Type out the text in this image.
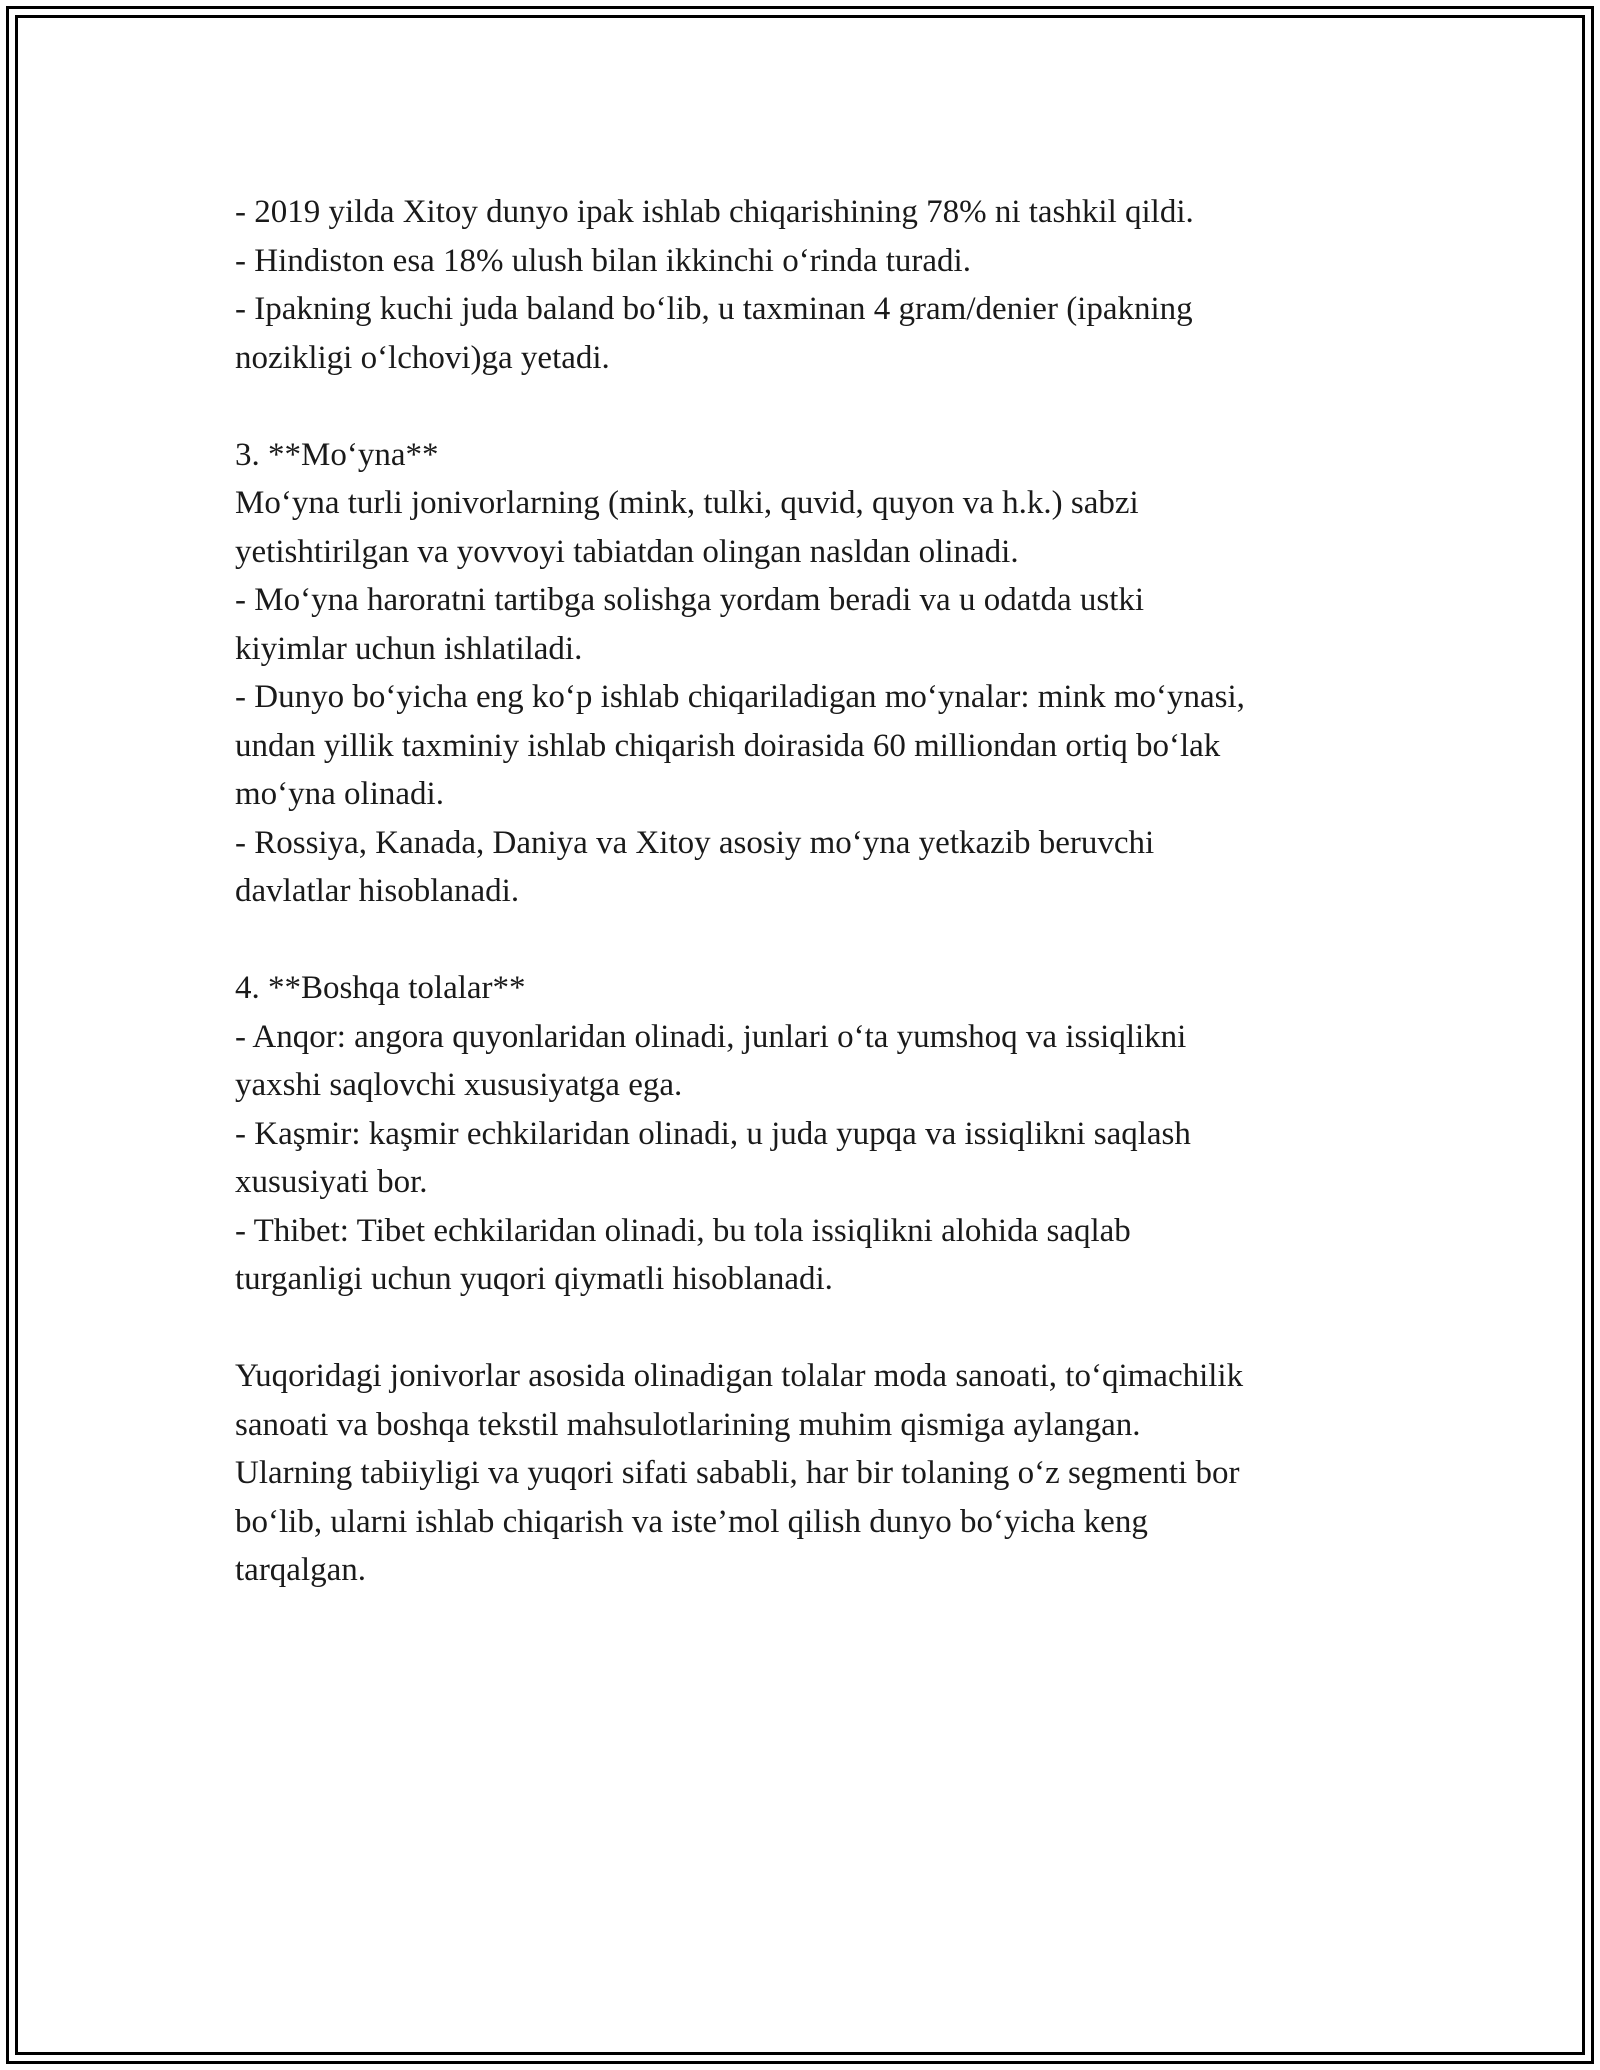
- 2019 yilda Xitoy dunyo ipak ishlab chiqarishining 78% ni tashkil qildi.
- Hindiston esa 18% ulush bilan ikkinchi o‘rinda turadi.
- Ipakning kuchi juda baland bo‘lib, u taxminan 4 gram/denier (ipakning
nozikligi o‘lchovi)ga yetadi.
3. **Mo‘yna**
Mo‘yna turli jonivorlarning (mink, tulki, quvid, quyon va h.k.) sabzi
yetishtirilgan va yovvoyi tabiatdan olingan nasldan olinadi.
- Mo‘yna haroratni tartibga solishga yordam beradi va u odatda ustki
kiyimlar uchun ishlatiladi.
- Dunyo bo‘yicha eng ko‘p ishlab chiqariladigan mo‘ynalar: mink mo‘ynasi,
undan yillik taxminiy ishlab chiqarish doirasida 60 milliondan ortiq bo‘lak
mo‘yna olinadi.
- Rossiya, Kanada, Daniya va Xitoy asosiy mo‘yna yetkazib beruvchi
davlatlar hisoblanadi.
4. **Boshqa tolalar**
- Anqor: angora quyonlaridan olinadi, junlari o‘ta yumshoq va issiqlikni
yaxshi saqlovchi xususiyatga ega.
- Kaşmir: kaşmir echkilaridan olinadi, u juda yupqa va issiqlikni saqlash
xususiyati bor.
- Thibet: Tibet echkilaridan olinadi, bu tola issiqlikni alohida saqlab
turganligi uchun yuqori qiymatli hisoblanadi.
Yuqoridagi jonivorlar asosida olinadigan tolalar moda sanoati, to‘qimachilik
sanoati va boshqa tekstil mahsulotlarining muhim qismiga aylangan.
Ularning tabiiyligi va yuqori sifati sababli, har bir tolaning o‘z segmenti bor
bo‘lib, ularni ishlab chiqarish va iste’mol qilish dunyo bo‘yicha keng
tarqalgan.
